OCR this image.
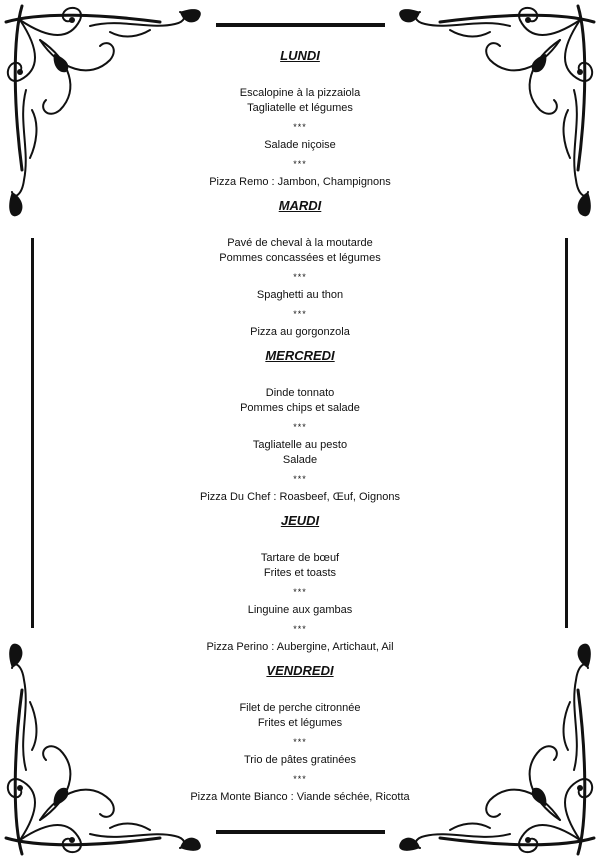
LUNDI

Escalopine à la pizzaiola

Tagliatelle et légumes

***

Salade niçoise

***

Pizza Remo : Jambon, Champignons

MARDI

Pavé de cheval à la moutarde

Pommes concassées et légumes

***

Spaghetti au thon

***

Pizza au gorgonzola

MERCREDI

Dinde tonnato

Pommes chips et salade

***

Tagliatelle au pesto

Salade

***

Pizza Du Chef : Roasbeef, Œuf, Oignons

JEUDI

Tartare de bœuf

Frites et toasts

***

Linguine aux gambas

***

Pizza Perino : Aubergine, Artichaut, Ail

VENDREDI

Filet de perche citronnée

Frites et légumes

***

Trio de pâtes gratinées

***

Pizza Monte Bianco : Viande séchée, Ricotta
